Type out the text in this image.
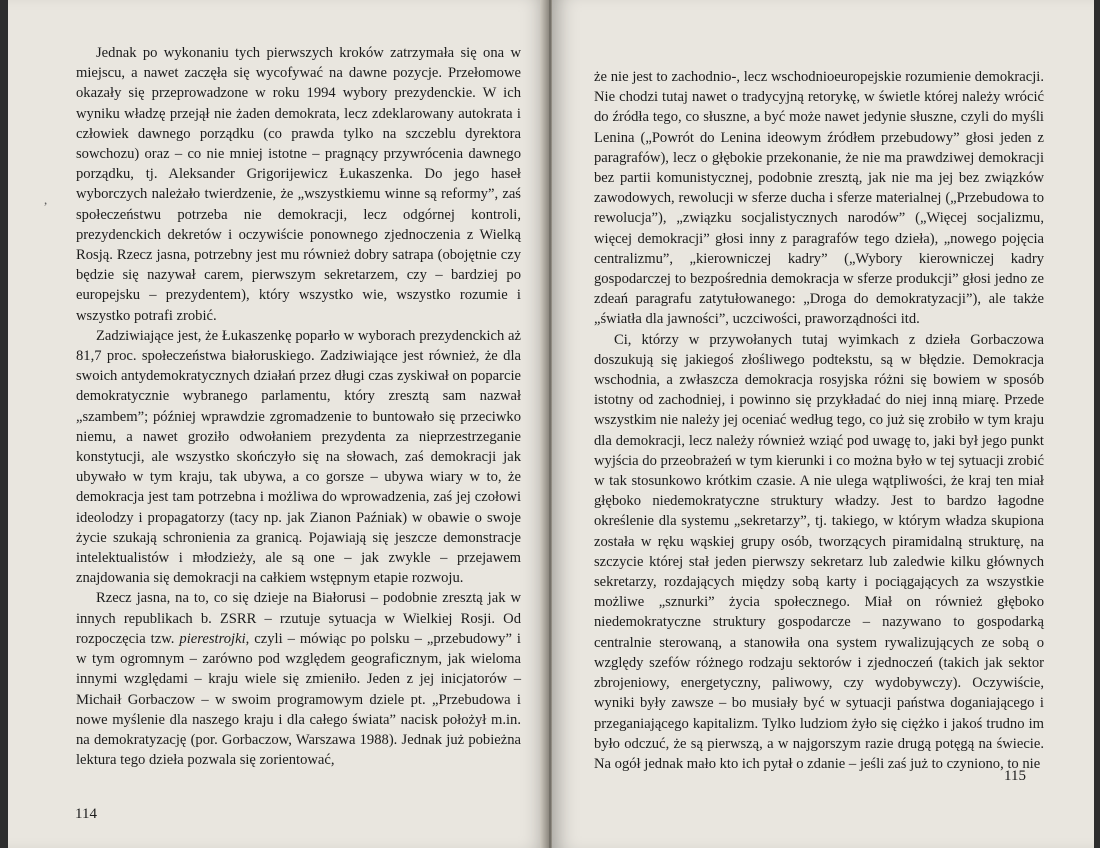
,

Jednak po wykonaniu tych pierwszych kroków zatrzymała się ona w miejscu, a nawet zaczęła się wycofywać na dawne pozycje. Przełomowe okazały się przeprowadzone w roku 1994 wybory prezydenckie. W ich wyniku władzę przejął nie żaden demokrata, lecz zdeklarowany autokrata i człowiek dawnego porządku (co prawda tylko na szczeblu dyrektora sowchozu) oraz – co nie mniej istotne – pragnący przywrócenia dawnego porządku, tj. Aleksander Grigorijewicz Łukaszenka. Do jego haseł wyborczych należało twierdzenie, że „wszystkiemu winne są reformy”, zaś społeczeństwu potrzeba nie demokracji, lecz odgórnej kontroli, prezydenckich dekretów i oczywiście ponownego zjednoczenia z Wielką Rosją. Rzecz jasna, potrzebny jest mu również dobry satrapa (obojętnie czy będzie się nazywał carem, pierwszym sekretarzem, czy – bardziej po europejsku – prezydentem), który wszystko wie, wszystko rozumie i wszystko potrafi zrobić.

Zadziwiające jest, że Łukaszenkę poparło w wyborach prezydenckich aż 81,7 proc. społeczeństwa białoruskiego. Zadziwiające jest również, że dla swoich antydemokratycznych działań przez długi czas zyskiwał on poparcie demokratycznie wybranego parlamentu, który zresztą sam nazwał „szambem”; później wprawdzie zgromadzenie to buntowało się przeciwko niemu, a nawet groziło odwołaniem prezydenta za nieprzestrzeganie konstytucji, ale wszystko skończyło się na słowach, zaś demokracji jak ubywało w tym kraju, tak ubywa, a co gorsze – ubywa wiary w to, że demokracja jest tam potrzebna i możliwa do wprowadzenia, zaś jej czołowi ideolodzy i propagatorzy (tacy np. jak Zianon Paźniak) w obawie o swoje życie szukają schronienia za granicą. Pojawiają się jeszcze demonstracje intelektualistów i młodzieży, ale są one – jak zwykle – przejawem znajdowania się demokracji na całkiem wstępnym etapie rozwoju.

Rzecz jasna, na to, co się dzieje na Białorusi – podobnie zresztą jak w innych republikach b. ZSRR – rzutuje sytuacja w Wielkiej Rosji. Od rozpoczęcia tzw. pierestrojki, czyli – mówiąc po polsku – „przebudowy” i w tym ogromnym – zarówno pod względem geograficznym, jak wieloma innymi względami – kraju wiele się zmieniło. Jeden z jej inicjatorów – Michaił Gorbaczow – w swoim programowym dziele pt. „Przebudowa i nowe myślenie dla naszego kraju i dla całego świata” nacisk położył m.in. na demokratyzację (por. Gorbaczow, Warszawa 1988). Jednak już pobieżna lektura tego dzieła pozwala się zorientować,

114

że nie jest to zachodnio-, lecz wschodnioeuropejskie rozumienie demokracji. Nie chodzi tutaj nawet o tradycyjną retorykę, w świetle której należy wrócić do źródła tego, co słuszne, a być może nawet jedynie słuszne, czyli do myśli Lenina („Powrót do Lenina ideowym źródłem przebudowy” głosi jeden z paragrafów), lecz o głębokie przekonanie, że nie ma prawdziwej demokracji bez partii komunistycznej, podobnie zresztą, jak nie ma jej bez związków zawodowych, rewolucji w sferze ducha i sferze materialnej („Przebudowa to rewolucja”), „związku socjalistycznych narodów” („Więcej socjalizmu, więcej demokracji” głosi inny z paragrafów tego dzieła), „nowego pojęcia centralizmu”, „kierowniczej kadry” („Wybory kierowniczej kadry gospodarczej to bezpośrednia demokracja w sferze produkcji” głosi jedno ze zdeań paragrafu zatytułowanego: „Droga do demokratyzacji”), ale także „światła dla jawności”, uczciwości, praworządności itd.

Ci, którzy w przywołanych tutaj wyimkach z dzieła Gorbaczowa doszukują się jakiegoś złośliwego podtekstu, są w błędzie. Demokracja wschodnia, a zwłaszcza demokracja rosyjska różni się bowiem w sposób istotny od zachodniej, i powinno się przykładać do niej inną miarę. Przede wszystkim nie należy jej oceniać według tego, co już się zrobiło w tym kraju dla demokracji, lecz należy również wziąć pod uwagę to, jaki był jego punkt wyjścia do przeobrażeń w tym kierunki i co można było w tej sytuacji zrobić w tak stosunkowo krótkim czasie. A nie ulega wątpliwości, że kraj ten miał głęboko niedemokratyczne struktury władzy. Jest to bardzo łagodne określenie dla systemu „sekretarzy”, tj. takiego, w którym władza skupiona została w ręku wąskiej grupy osób, tworzących piramidalną strukturę, na szczycie której stał jeden pierwszy sekretarz lub zaledwie kilku głównych sekretarzy, rozdających między sobą karty i pociągających za wszystkie możliwe „sznurki” życia społecznego. Miał on również głęboko niedemokratyczne struktury gospodarcze – nazywano to gospodarką centralnie sterowaną, a stanowiła ona system rywalizujących ze sobą o względy szefów różnego rodzaju sektorów i zjednoczeń (takich jak sektor zbrojeniowy, energetyczny, paliwowy, czy wydobywczy). Oczywiście, wyniki były zawsze – bo musiały być w sytuacji państwa doganiającego i przeganiającego kapitalizm. Tylko ludziom żyło się ciężko i jakoś trudno im było odczuć, że są pierwszą, a w najgorszym razie drugą potęgą na świecie. Na ogół jednak mało kto ich pytał o zdanie – jeśli zaś już to czyniono, to nie

115
